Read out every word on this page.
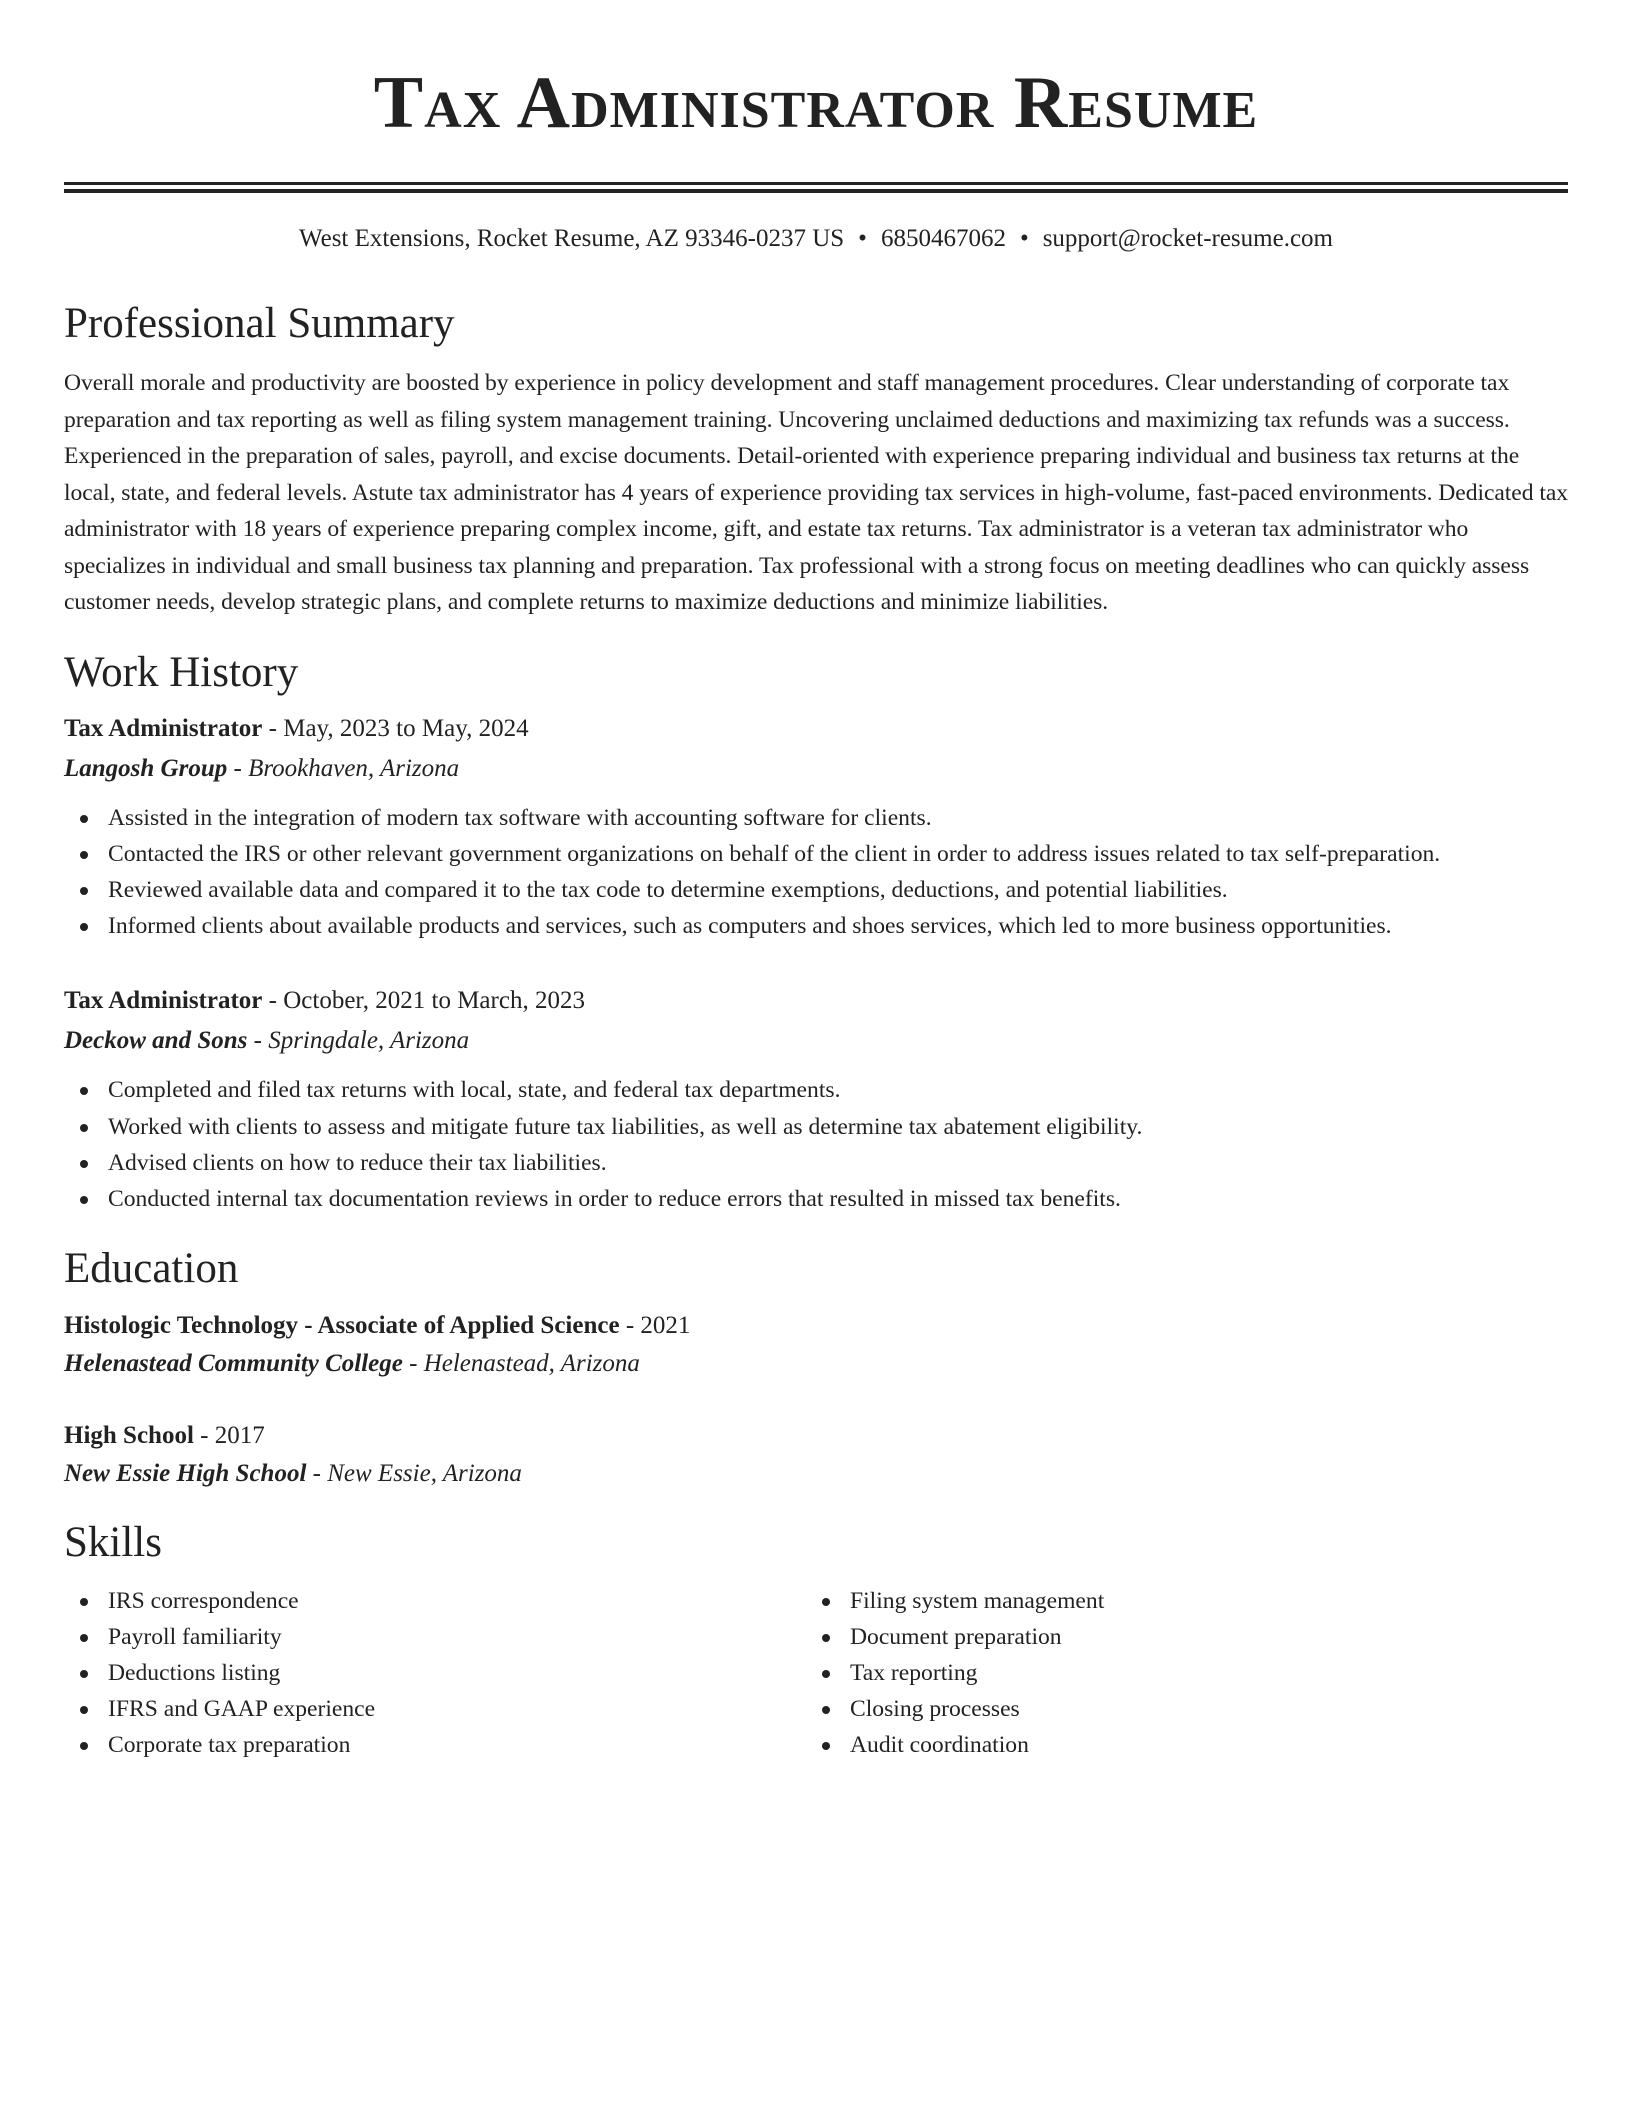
Tax Administrator Resume
West Extensions, Rocket Resume, AZ 93346-0237 US • 6850467062 • support@rocket-resume.com
Professional Summary

Overall morale and productivity are boosted by experience in policy development and staff management procedures. Clear understanding of corporate tax preparation and tax reporting as well as filing system management training. Uncovering unclaimed deductions and maximizing tax refunds was a success. Experienced in the preparation of sales, payroll, and excise documents. Detail-oriented with experience preparing individual and business tax returns at the local, state, and federal levels. Astute tax administrator has 4 years of experience providing tax services in high-volume, fast-paced environments. Dedicated tax administrator with 18 years of experience preparing complex income, gift, and estate tax returns. Tax administrator is a veteran tax administrator who specializes in individual and small business tax planning and preparation. Tax professional with a strong focus on meeting deadlines who can quickly assess customer needs, develop strategic plans, and complete returns to maximize deductions and minimize liabilities.

Work History
Tax Administrator - May, 2023 to May, 2024
Langosh Group - Brookhaven, Arizona
Assisted in the integration of modern tax software with accounting software for clients.
Contacted the IRS or other relevant government organizations on behalf of the client in order to address issues related to tax self-preparation.
Reviewed available data and compared it to the tax code to determine exemptions, deductions, and potential liabilities.
Informed clients about available products and services, such as computers and shoes services, which led to more business opportunities.
Tax Administrator - October, 2021 to March, 2023
Deckow and Sons - Springdale, Arizona
Completed and filed tax returns with local, state, and federal tax departments.
Worked with clients to assess and mitigate future tax liabilities, as well as determine tax abatement eligibility.
Advised clients on how to reduce their tax liabilities.
Conducted internal tax documentation reviews in order to reduce errors that resulted in missed tax benefits.
Education
Histologic Technology - Associate of Applied Science - 2021
Helenastead Community College - Helenastead, Arizona
High School - 2017
New Essie High School - New Essie, Arizona
Skills
IRS correspondence
Payroll familiarity
Deductions listing
IFRS and GAAP experience
Corporate tax preparation
Filing system management
Document preparation
Tax reporting
Closing processes
Audit coordination
